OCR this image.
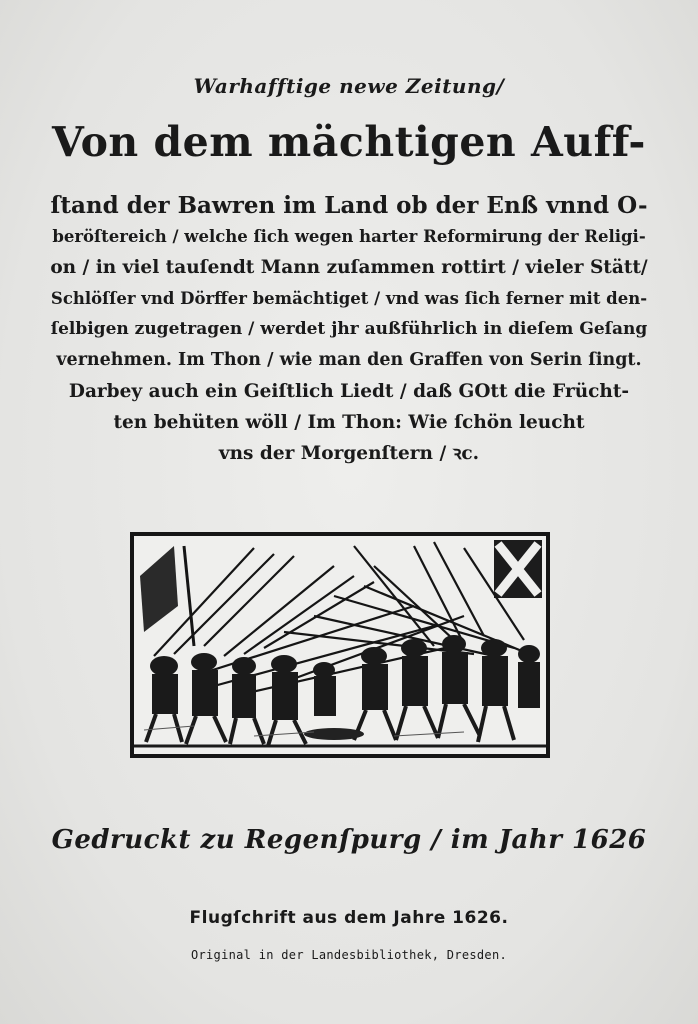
Warhafftige newe Zeitung/
Von dem mächtigen Auff-
ſtand der Bawren im Land ob der Enß vnnd O-
beröſtereich / welche ſich wegen harter Reformirung der Religi-
on / in viel tauſendt Mann zuſammen rottirt / vieler Stätt/
Schlöſſer vnd Dörffer bemächtiget / vnd was ſich ferner mit den-
ſelbigen zugetragen / werdet jhr außführlich in dieſem Geſang
vernehmen. Im Thon / wie man den Graffen von Serin ſingt.
Darbey auch ein Geiſtlich Liedt / daß GOtt die Frücht-
ten behüten wöll / Im Thon: Wie ſchön leucht
vns der Morgenſtern / ꝛc.
Gedruckt zu Regenſpurg / im Jahr 1626
Flugſchrift aus dem Jahre 1626.
Original in der Landesbibliothek, Dresden.
